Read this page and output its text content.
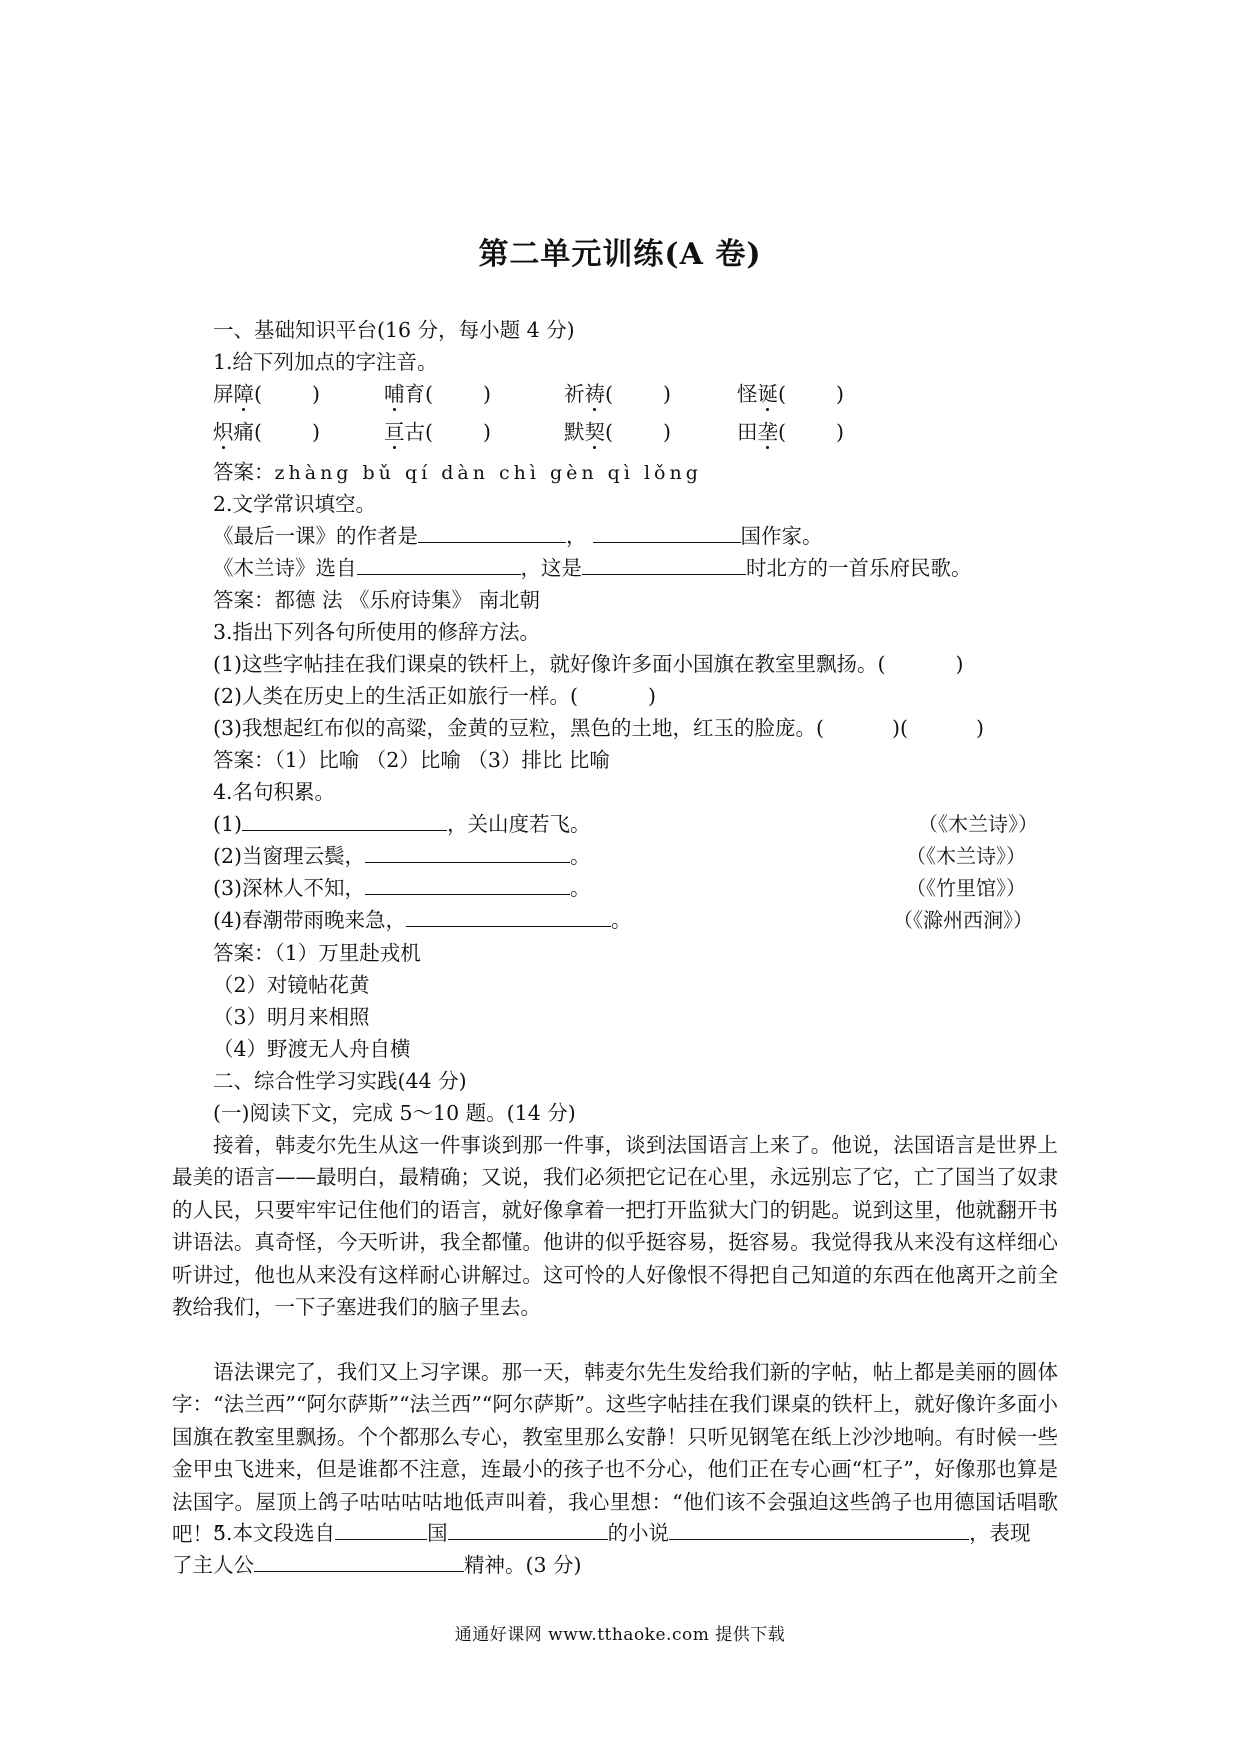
第二单元训练(A 卷)
一、基础知识平台(16 分，每小题 4 分)
1.给下列加点的字注音。
屏障( )	哺育( )	祈祷( )	怪诞( )
炽痛( )	亘古( )	默契( )	田垄( )
答案：zhàng bǔ qí dàn chì gèn qì lǒng
2.文学常识填空。
《最后一课》的作者是	，	国作家。
《木兰诗》选自	，这是	时北方的一首乐府民歌。
答案：都德 法 《乐府诗集》 南北朝
3.指出下列各句所使用的修辞方法。
(1)这些字帖挂在我们课桌的铁杆上，就好像许多面小国旗在教室里飘扬。(	)
(2)人类在历史上的生活正如旅行一样。(	)
(3)我想起红布似的高粱，金黄的豆粒，黑色的土地，红玉的脸庞。(	)(	)
答案：（1）比喻 （2）比喻 （3）排比 比喻
4.名句积累。
(1)	，关山度若飞。	（《木兰诗》）
(2)当窗理云鬓，	。	（《木兰诗》）
(3)深林人不知，	。	（《竹里馆》）
(4)春潮带雨晚来急，	。	（《滁州西涧》）
答案：（1）万里赴戎机
（2）对镜帖花黄
（3）明月来相照
（4）野渡无人舟自横
二、综合性学习实践(44 分)
(一)阅读下文，完成 5～10 题。(14 分)
接着，韩麦尔先生从这一件事谈到那一件事，谈到法国语言上来了。他说，法国语言是世界上最美的语言——最明白，最精确；又说，我们必须把它记在心里，永远别忘了它，亡了国当了奴隶的人民，只要牢牢记住他们的语言，就好像拿着一把打开监狱大门的钥匙。说到这里，他就翻开书讲语法。真奇怪，今天听讲，我全都懂。他讲的似乎挺容易，挺容易。我觉得我从来没有这样细心听讲过，他也从来没有这样耐心讲解过。这可怜的人好像恨不得把自己知道的东西在他离开之前全教给我们，一下子塞进我们的脑子里去。
语法课完了，我们又上习字课。那一天，韩麦尔先生发给我们新的字帖，帖上都是美丽的圆体字：“法兰西”“阿尔萨斯”“法兰西”“阿尔萨斯”。这些字帖挂在我们课桌的铁杆上，就好像许多面小国旗在教室里飘扬。个个都那么专心，教室里那么安静！只听见钢笔在纸上沙沙地响。有时候一些金甲虫飞进来，但是谁都不注意，连最小的孩子也不分心，他们正在专心画“杠子”，好像那也算是法国字。屋顶上鸽子咕咕咕咕地低声叫着，我心里想：“他们该不会强迫这些鸽子也用德国话唱歌吧！”
5.本文段选自	国	的小说	，表现
了主人公	精神。(3 分)
通通好课网 www.tthaoke.com 提供下载
